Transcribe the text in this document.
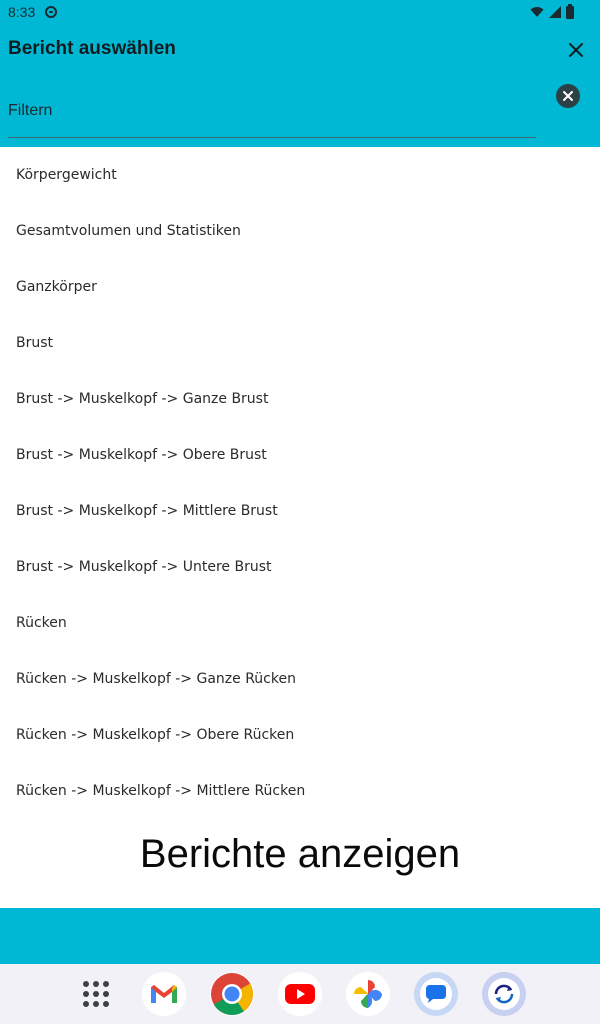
8:33
Bericht auswählen
Filtern
Körpergewicht
Gesamtvolumen und Statistiken
Ganzkörper
Brust
Brust -> Muskelkopf -> Ganze Brust
Brust -> Muskelkopf -> Obere Brust
Brust -> Muskelkopf -> Mittlere Brust
Brust -> Muskelkopf -> Untere Brust
Rücken
Rücken -> Muskelkopf -> Ganze Rücken
Rücken -> Muskelkopf -> Obere Rücken
Rücken -> Muskelkopf -> Mittlere Rücken
Berichte anzeigen
